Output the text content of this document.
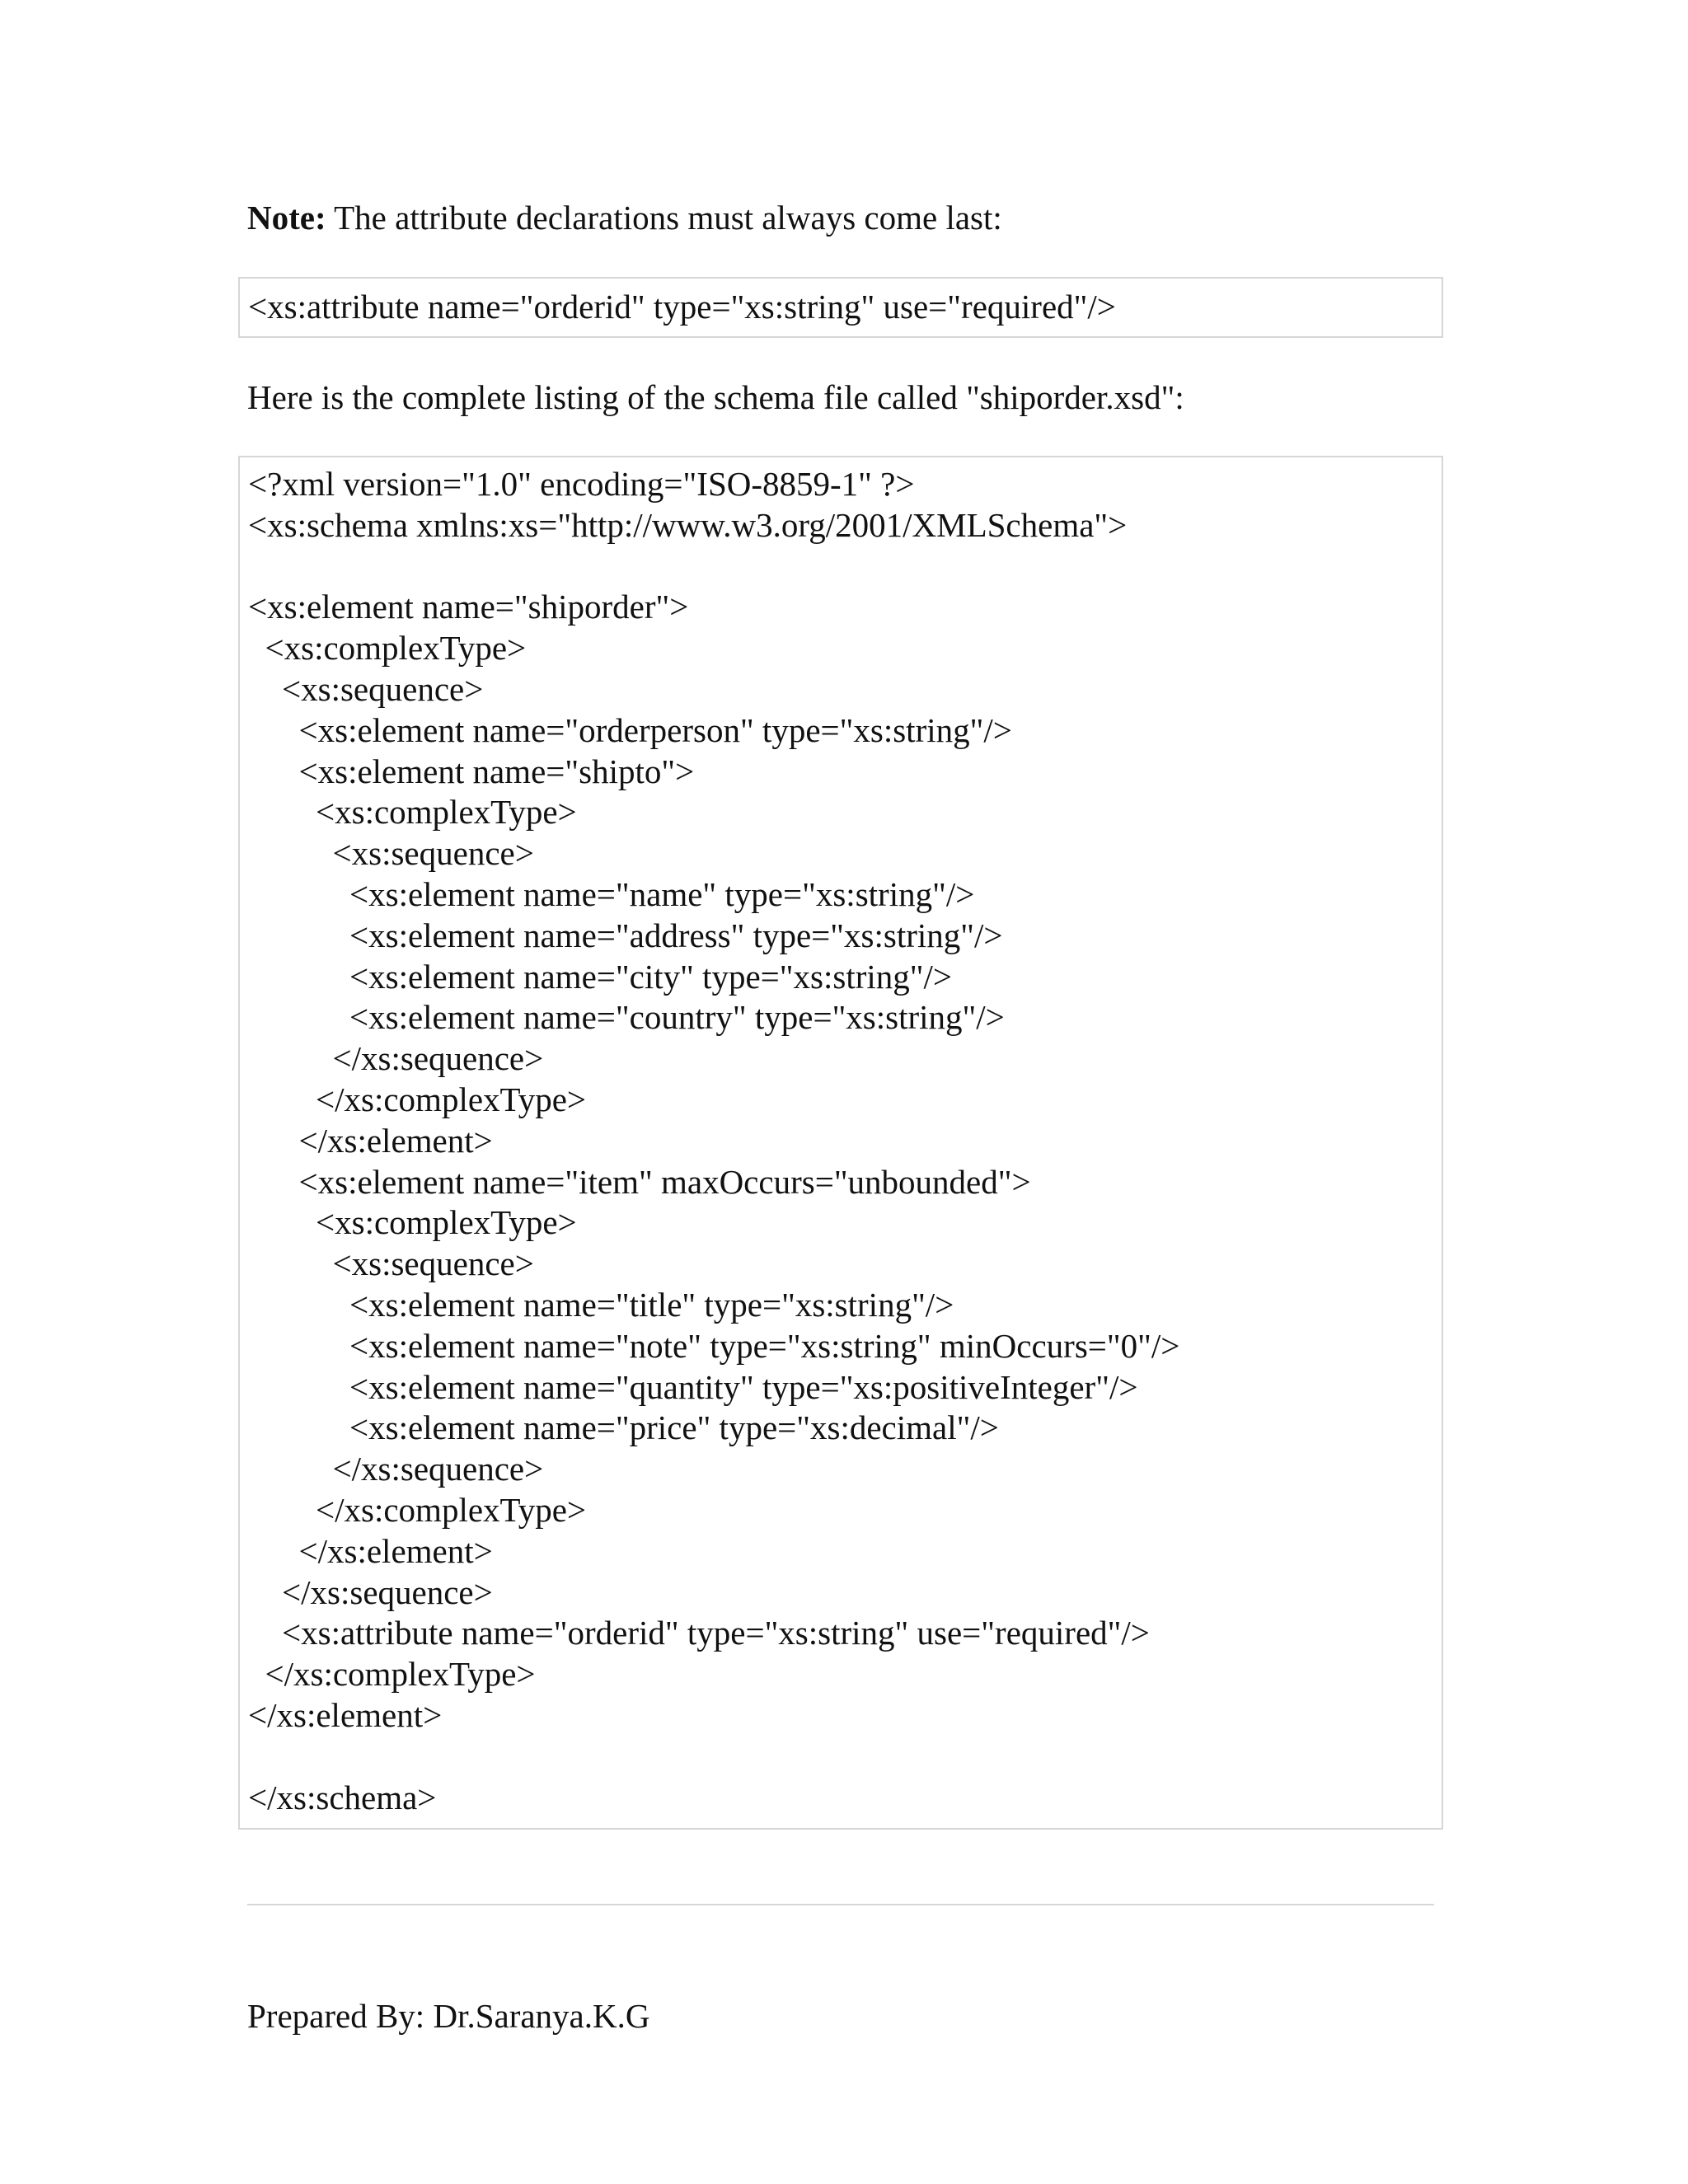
Note: The attribute declarations must always come last:
<xs:attribute name="orderid" type="xs:string" use="required"/>
Here is the complete listing of the schema file called "shiporder.xsd":
<?xml version="1.0" encoding="ISO-8859-1" ?>
<xs:schema xmlns:xs="http://www.w3.org/2001/XMLSchema">
<xs:element name="shiporder">
<xs:complexType>
<xs:sequence>
<xs:element name="orderperson" type="xs:string"/>
<xs:element name="shipto">
<xs:complexType>
<xs:sequence>
<xs:element name="name" type="xs:string"/>
<xs:element name="address" type="xs:string"/>
<xs:element name="city" type="xs:string"/>
<xs:element name="country" type="xs:string"/>
</xs:sequence>
</xs:complexType>
</xs:element>
<xs:element name="item" maxOccurs="unbounded">
<xs:complexType>
<xs:sequence>
<xs:element name="title" type="xs:string"/>
<xs:element name="note" type="xs:string" minOccurs="0"/>
<xs:element name="quantity" type="xs:positiveInteger"/>
<xs:element name="price" type="xs:decimal"/>
</xs:sequence>
</xs:complexType>
</xs:element>
</xs:sequence>
<xs:attribute name="orderid" type="xs:string" use="required"/>
</xs:complexType>
</xs:element>
</xs:schema>
Prepared By: Dr.Saranya.K.G
